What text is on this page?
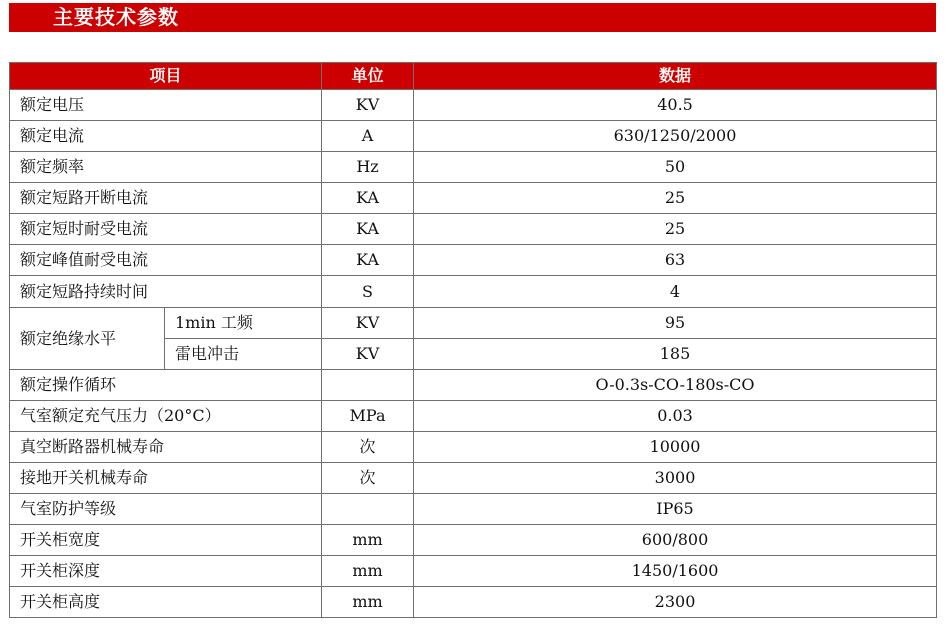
主要技术参数
项目		单位	数据
额定电压		KV	40.5
额定电流		A	630/1250/2000
额定频率		Hz	50
额定短路开断电流		KA	25
额定短时耐受电流		KA	25
额定峰值耐受电流		KA	63
额定短路持续时间		S	4
额定绝缘水平	1min 工频	KV	95
	雷电冲击	KV	185
额定操作循环			O-0.3s-CO-180s-CO
气室额定充气压力（20°C）		MPa	0.03
真空断路器机械寿命		次	10000
接地开关机械寿命		次	3000
气室防护等级			IP65
开关柜宽度		mm	600/800
开关柜深度		mm	1450/1600
开关柜高度		mm	2300
